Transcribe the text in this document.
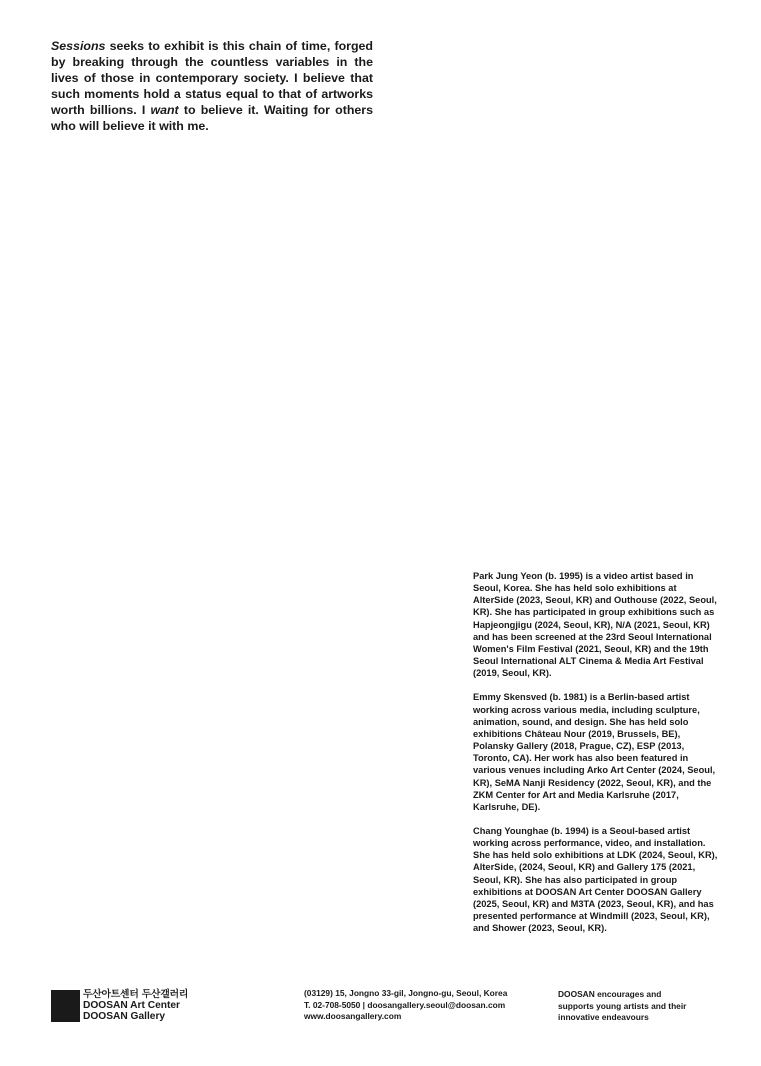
Sessions seeks to exhibit is this chain of time, forged by breaking through the countless variables in the lives of those in contemporary society. I believe that such moments hold a status equal to that of artworks worth billions. I want to believe it. Waiting for others who will believe it with me.

Park Jung Yeon (b. 1995) is a video artist based in Seoul, Korea. She has held solo exhibitions at AlterSide (2023, Seoul, KR) and Outhouse (2022, Seoul, KR). She has participated in group exhibitions such as Hapjeongjigu (2024, Seoul, KR), N/A (2021, Seoul, KR) and has been screened at the 23rd Seoul International Women's Film Festival (2021, Seoul, KR) and the 19th Seoul International ALT Cinema & Media Art Festival (2019, Seoul, KR).

Emmy Skensved (b. 1981) is a Berlin-based artist working across various media, including sculpture, animation, sound, and design. She has held solo exhibitions Château Nour (2019, Brussels, BE), Polansky Gallery (2018, Prague, CZ), ESP (2013, Toronto, CA). Her work has also been featured in various venues including Arko Art Center (2024, Seoul, KR), SeMA Nanji Residency (2022, Seoul, KR), and the ZKM Center for Art and Media Karlsruhe (2017, Karlsruhe, DE).

Chang Younghae (b. 1994) is a Seoul-based artist working across performance, video, and installation. She has held solo exhibitions at LDK (2024, Seoul, KR), AlterSide, (2024, Seoul, KR) and Gallery 175 (2021, Seoul, KR). She has also participated in group exhibitions at DOOSAN Art Center DOOSAN Gallery (2025, Seoul, KR) and M3TA (2023, Seoul, KR), and has presented performance at Windmill (2023, Seoul, KR), and Shower (2023, Seoul, KR).

두산아트센터 두산갤러리
DOOSAN Art Center
DOOSAN Gallery
(03129) 15, Jongno 33-gil, Jongno-gu, Seoul, Korea
T. 02-708-5050 | doosangallery.seoul@doosan.com
www.doosangallery.com
DOOSAN encourages and
supports young artists and their
innovative endeavours
